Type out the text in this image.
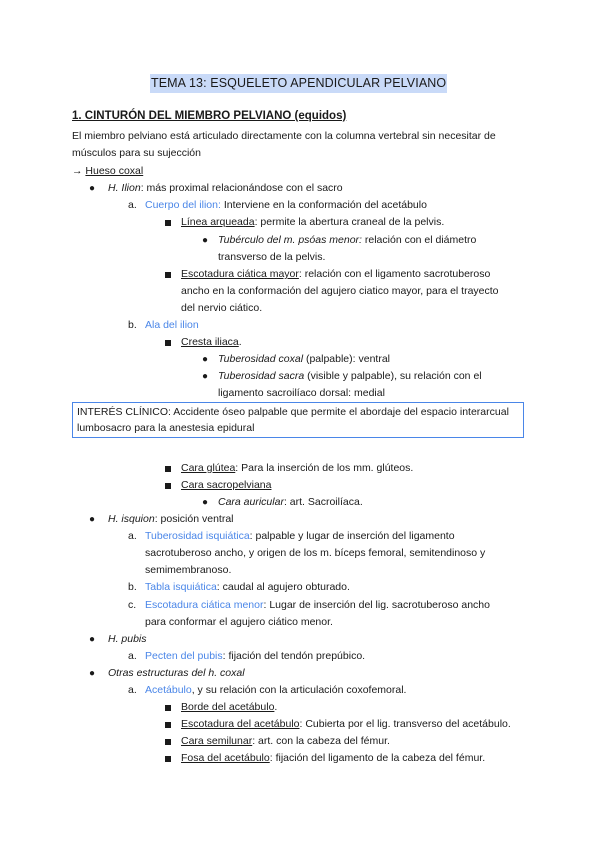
TEMA 13: ESQUELETO APENDICULAR PELVIANO
1. CINTURÓN DEL MIEMBRO PELVIANO (equidos)
El miembro pelviano está articulado directamente con la columna vertebral sin necesitar de
músculos para su sujección
→ Hueso coxal
● H. Ilion: más proximal relacionándose con el sacro
a. Cuerpo del ilion: Interviene en la conformación del acetábulo
Línea arqueada: permite la abertura craneal de la pelvis.
● Tubérculo del m. psóas menor: relación con el diámetro
transverso de la pelvis.
Escotadura ciática mayor: relación con el ligamento sacrotuberoso
ancho en la conformación del agujero ciatico mayor, para el trayecto
del nervio ciático.
b. Ala del ilion
Cresta iliaca.
● Tuberosidad coxal (palpable): ventral
● Tuberosidad sacra (visible y palpable), su relación con el
ligamento sacroilíaco dorsal: medial
INTERÉS CLÍNICO: Accidente óseo palpable que permite el abordaje del espacio interarcual
lumbosacro para la anestesia epidural
Cara glútea: Para la inserción de los mm. glúteos.
Cara sacropelviana
● Cara auricular: art. Sacroilíaca.
● H. isquion: posición ventral
a. Tuberosidad isquiática: palpable y lugar de inserción del ligamento
sacrotuberoso ancho, y origen de los m. bíceps femoral, semitendinoso y
semimembranoso.
b. Tabla isquiática: caudal al agujero obturado.
c. Escotadura ciática menor: Lugar de inserción del lig. sacrotuberoso ancho
para conformar el agujero ciático menor.
● H. pubis
a. Pecten del pubis: fijación del tendón prepúbico.
● Otras estructuras del h. coxal
a. Acetábulo, y su relación con la articulación coxofemoral.
Borde del acetábulo.
Escotadura del acetábulo: Cubierta por el lig. transverso del acetábulo.
Cara semilunar: art. con la cabeza del fémur.
Fosa del acetábulo: fijación del ligamento de la cabeza del fémur.
